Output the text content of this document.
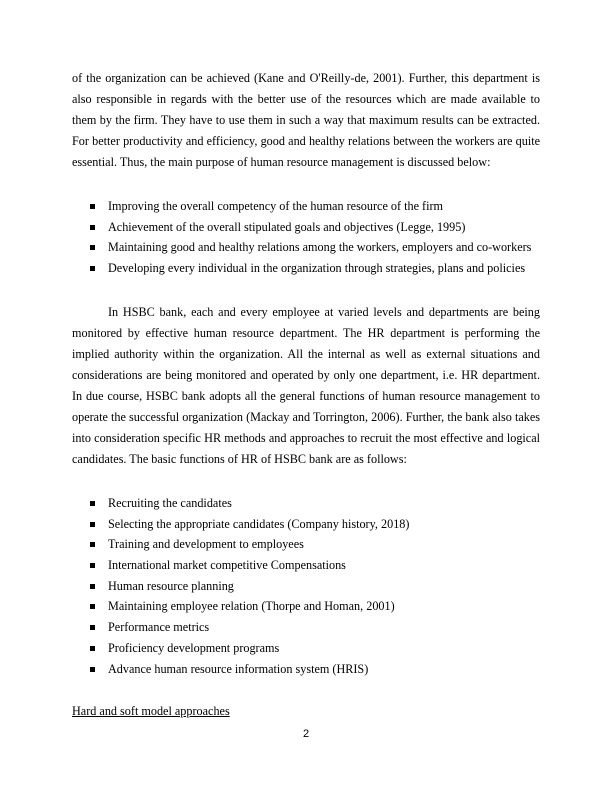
of the organization can be achieved (Kane and O'Reilly-de, 2001). Further, this department is also responsible in regards with the better use of the resources which are made available to them by the firm. They have to use them in such a way that maximum results can be extracted. For better productivity and efficiency, good and healthy relations between the workers are quite essential. Thus, the main purpose of human resource management is discussed below:

Improving the overall competency of the human resource of the firm
Achievement of the overall stipulated goals and objectives (Legge, 1995)
Maintaining good and healthy relations among the workers, employers and co-workers
Developing every individual in the organization through strategies, plans and policies

In HSBC bank, each and every employee at varied levels and departments are being monitored by effective human resource department. The HR department is performing the implied authority within the organization. All the internal as well as external situations and considerations are being monitored and operated by only one department, i.e. HR department. In due course, HSBC bank adopts all the general functions of human resource management to operate the successful organization (Mackay and Torrington, 2006). Further, the bank also takes into consideration specific HR methods and approaches to recruit the most effective and logical candidates. The basic functions of HR of HSBC bank are as follows:

Recruiting the candidates
Selecting the appropriate candidates (Company history, 2018)
Training and development to employees
International market competitive Compensations
Human resource planning
Maintaining employee relation (Thorpe and Homan, 2001)
Performance metrics
Proficiency development programs
Advance human resource information system (HRIS)

Hard and soft model approaches

2
